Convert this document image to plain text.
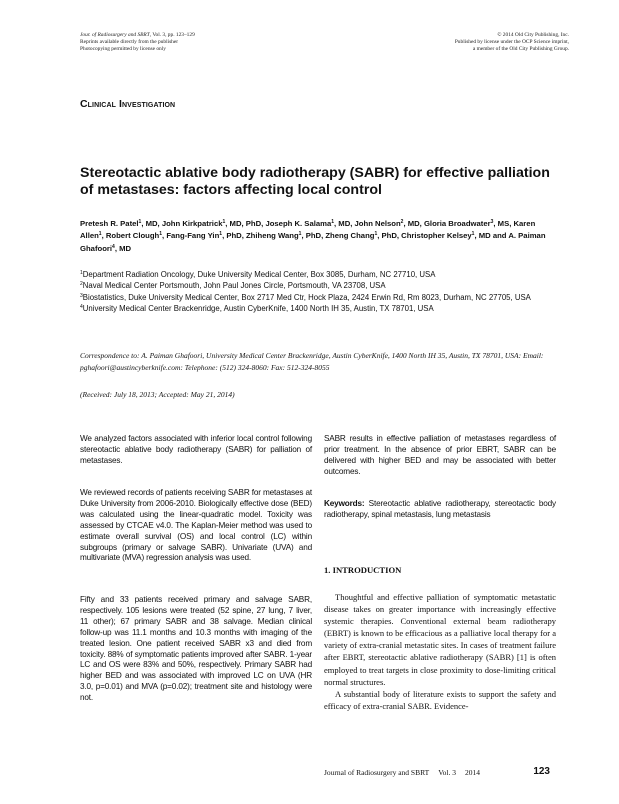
Jour. of Radiosurgery and SBRT, Vol. 3, pp. 123–129
Reprints available directly from the publisher
Photocopying permitted by license only
© 2014 Old City Publishing, Inc.
Published by license under the OCP Science imprint,
a member of the Old City Publishing Group.
Clinical Investigation
Stereotactic ablative body radiotherapy (SABR) for effective palliation of metastases: factors affecting local control
Pretesh R. Patel$^1$, MD, John Kirkpatrick$^1$, MD, PhD, Joseph K. Salama$^1$, MD, John Nelson$^2$, MD, Gloria Broadwater$^3$, MS, Karen Allen$^1$, Robert Clough$^1$, Fang-Fang Yin$^1$, PhD, Zhiheng Wang$^1$, PhD, Zheng Chang$^1$, PhD, Christopher Kelsey$^1$, MD and A. Paiman Ghafoori$^4$, MD
$^1$Department Radiation Oncology, Duke University Medical Center, Box 3085, Durham, NC 27710, USA
$^2$Naval Medical Center Portsmouth, John Paul Jones Circle, Portsmouth, VA 23708, USA
$^3$Biostatistics, Duke University Medical Center, Box 2717 Med Ctr, Hock Plaza, 2424 Erwin Rd, Rm 8023, Durham, NC 27705, USA
$^4$University Medical Center Brackenridge, Austin CyberKnife, 1400 North IH 35, Austin, TX 78701, USA
Correspondence to: A. Paiman Ghafoori, University Medical Center Brackenridge, Austin CyberKnife, 1400 North IH 35, Austin, TX 78701, USA: Email: pghafoori@austincyberknife.com: Telephone: (512) 324-8060: Fax: 512-324-8055
(Received: July 18, 2013; Accepted: May 21, 2014)
We analyzed factors associated with inferior local control following stereotactic ablative body radiotherapy (SABR) for palliation of metastases.
We reviewed records of patients receiving SABR for metastases at Duke University from 2006-2010. Biologically effective dose (BED) was calculated using the linear-quadratic model. Toxicity was assessed by CTCAE v4.0. The Kaplan-Meier method was used to estimate overall survival (OS) and local control (LC) within subgroups (primary or salvage SABR). Univariate (UVA) and multivariate (MVA) regression analysis was used.
Fifty and 33 patients received primary and salvage SABR, respectively. 105 lesions were treated (52 spine, 27 lung, 7 liver, 11 other); 67 primary SABR and 38 salvage. Median clinical follow-up was 11.1 months and 10.3 months with imaging of the treated lesion. One patient received SABR x3 and died from toxicity. 88% of symptomatic patients improved after SABR. 1-year LC and OS were 83% and 50%, respectively. Primary SABR had higher BED and was associated with improved LC on UVA (HR 3.0, p=0.01) and MVA (p=0.02); treatment site and histology were not.
SABR results in effective palliation of metastases regardless of prior treatment. In the absence of prior EBRT, SABR can be delivered with higher BED and may be associated with better outcomes.
Keywords: Stereotactic ablative radiotherapy, stereotactic body radiotherapy, spinal metastasis, lung metastasis
1. INTRODUCTION

Thoughtful and effective palliation of symptomatic metastatic disease takes on greater importance with increasingly effective systemic therapies. Conventional external beam radiotherapy (EBRT) is known to be efficacious as a palliative local therapy for a variety of extra-cranial metastatic sites. In cases of treatment failure after EBRT, stereotactic ablative radiotherapy (SABR) [1] is often employed to treat targets in close proximity to dose-limiting critical normal structures.

A substantial body of literature exists to support the safety and efficacy of extra-cranial SABR. Evidence-

Journal of Radiosurgery and SBRT Vol. 3 2014	123
